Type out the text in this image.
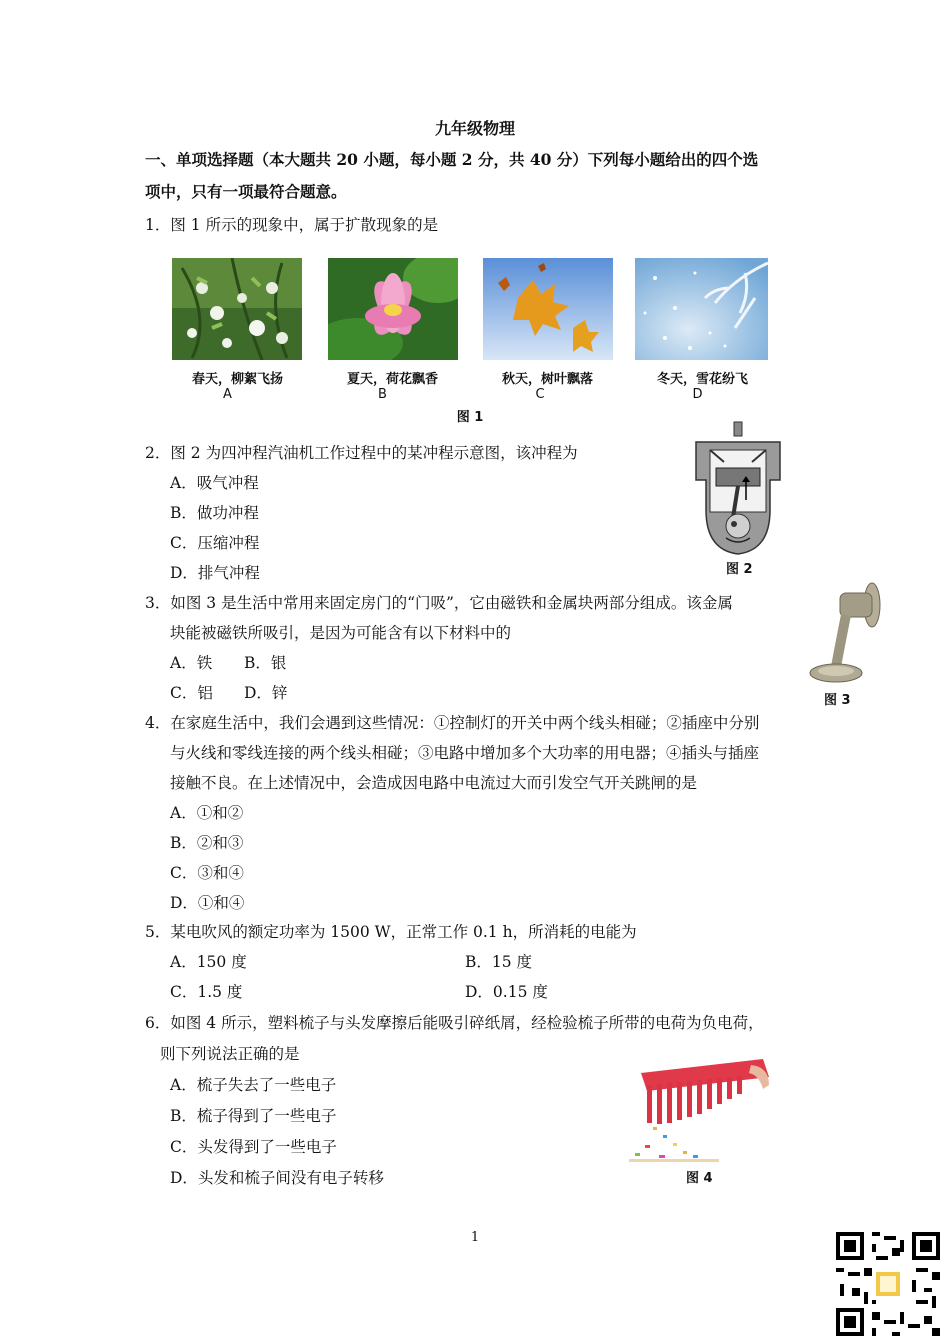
九年级物理
一、单项选择题（本大题共 20 小题，每小题 2 分，共 40 分）下列每小题给出的四个选
项中，只有一项最符合题意。
1．图 1 所示的现象中，属于扩散现象的是
春天，柳絮飞扬	夏天，荷花飘香	秋天，树叶飘落	冬天，雪花纷飞
A	B	C	D
图 1
2．图 2 为四冲程汽油机工作过程中的某冲程示意图，该冲程为
A．吸气冲程
B．做功冲程
C．压缩冲程
D．排气冲程	图 2
3．如图 3 是生活中常用来固定房门的“门吸”，它由磁铁和金属块两部分组成。该金属
块能被磁铁所吸引，是因为可能含有以下材料中的
A．铁 B．银
C．铝 D．锌	图 3
4．在家庭生活中，我们会遇到这些情况：①控制灯的开关中两个线头相碰；②插座中分别
与火线和零线连接的两个线头相碰；③电路中增加多个大功率的用电器；④插头与插座
接触不良。在上述情况中，会造成因电路中电流过大而引发空气开关跳闸的是
A．①和②
B．②和③
C．③和④
D．①和④
5．某电吹风的额定功率为 1500 W，正常工作 0.1 h，所消耗的电能为
A．150 度	B．15 度
C．1.5 度	D．0.15 度
6．如图 4 所示，塑料梳子与头发摩擦后能吸引碎纸屑，经检验梳子所带的电荷为负电荷，
则下列说法正确的是
A．梳子失去了一些电子
B．梳子得到了一些电子
C．头发得到了一些电子
D．头发和梳子间没有电子转移	图 4
1
